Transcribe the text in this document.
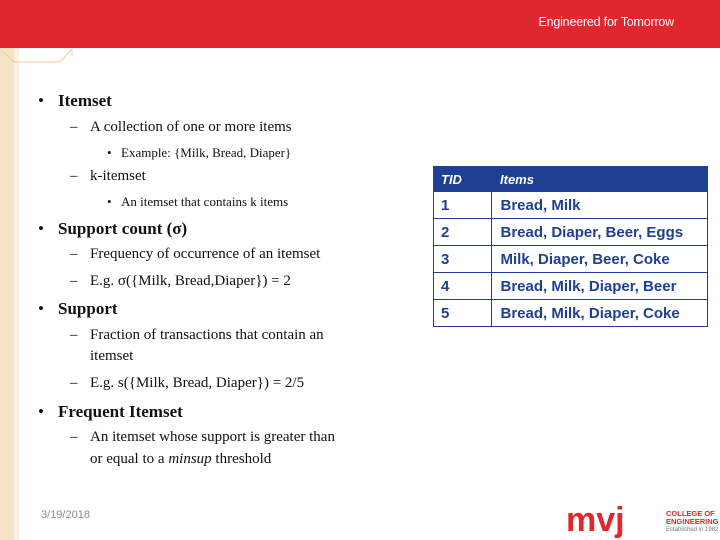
Engineered for Tomorrow
• Itemset
– A collection of one or more items
• Example: {Milk, Bread, Diaper}
– k-itemset
• An itemset that contains k items
• Support count (σ)
– Frequency of occurrence of an itemset
– E.g. σ({Milk, Bread,Diaper}) = 2
• Support
– Fraction of transactions that contain an
itemset
– E.g. s({Milk, Bread, Diaper}) = 2/5
• Frequent Itemset
– An itemset whose support is greater than
or equal to a minsup threshold
TID	Items
1	Bread, Milk
2	Bread, Diaper, Beer, Eggs
3	Milk, Diaper, Beer, Coke
4	Bread, Milk, Diaper, Beer
5	Bread, Milk, Diaper, Coke
3/19/2018	mvj	COLLEGE OF
ENGINEERING
Established in 1982
